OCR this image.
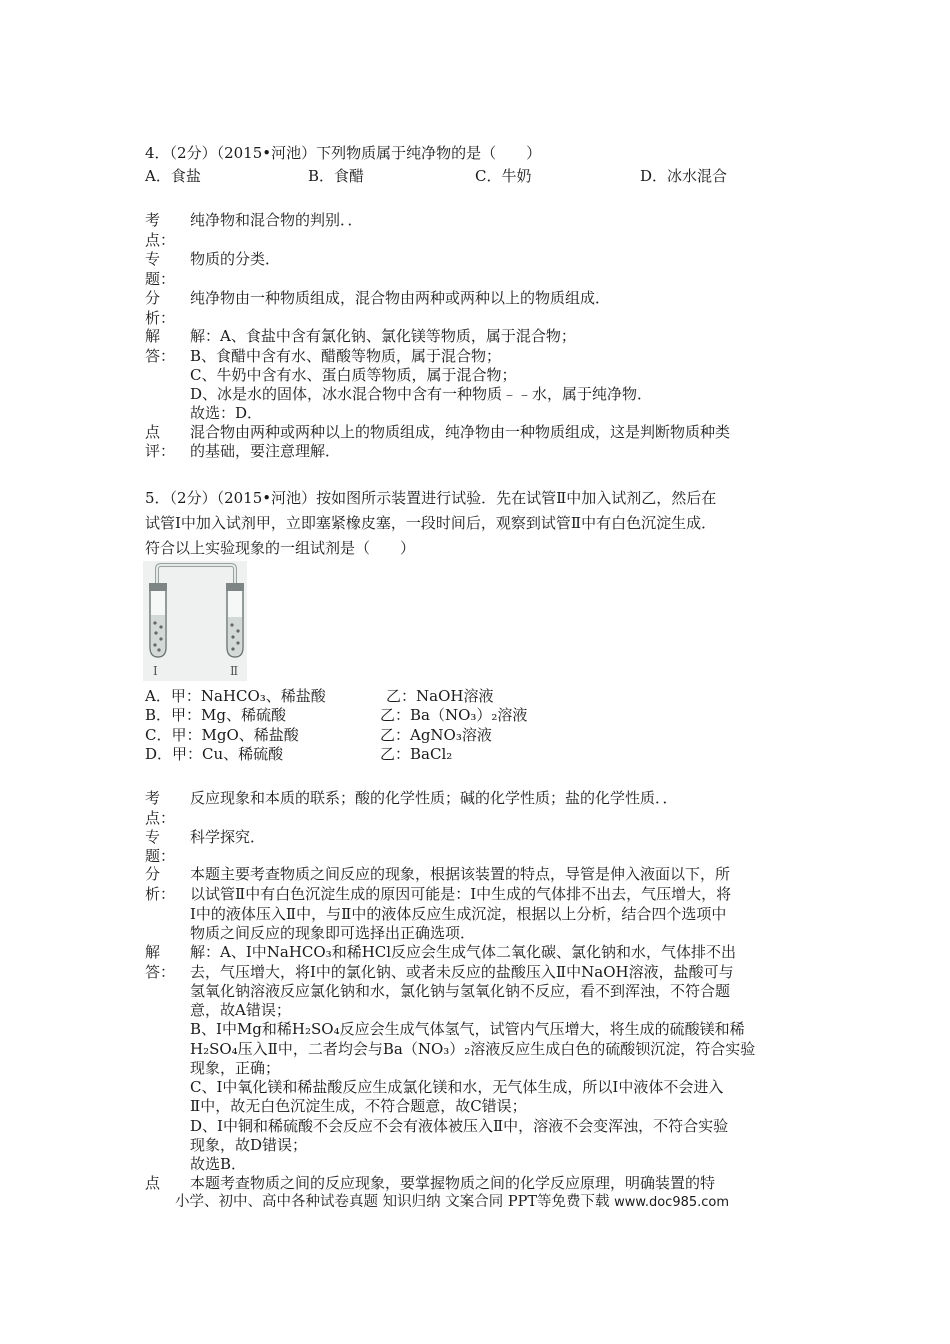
4．（2分）（2015•河池）下列物质属于纯净物的是（　　）
A．食盐	B．食醋	C．牛奶	D．冰水混合
考
点：
纯净物和混合物的判别．．
专
题：
物质的分类．
分
析：
纯净物由一种物质组成，混合物由两种或两种以上的物质组成．
解
答：
解：A、食盐中含有氯化钠、氯化镁等物质，属于混合物；
B、食醋中含有水、醋酸等物质，属于混合物；
C、牛奶中含有水、蛋白质等物质，属于混合物；
D、冰是水的固体，冰水混合物中含有一种物质﹣﹣水，属于纯净物．
故选：D．
点
评：
混合物由两种或两种以上的物质组成，纯净物由一种物质组成，这是判断物质种类
的基础，要注意理解．
5．（2分）（2015•河池）按如图所示装置进行试验．先在试管Ⅱ中加入试剂乙，然后在
试管Ⅰ中加入试剂甲，立即塞紧橡皮塞，一段时间后，观察到试管Ⅱ中有白色沉淀生成．
符合以上实验现象的一组试剂是（　　）
Ⅰ	Ⅱ
A．甲：NaHCO₃、稀盐酸	乙：NaOH溶液
B．甲：Mg、稀硫酸	乙：Ba（NO₃）₂溶液
C．甲：MgO、稀盐酸	乙：AgNO₃溶液
D．甲：Cu、稀硫酸	乙：BaCl₂
考
点：
反应现象和本质的联系；酸的化学性质；碱的化学性质；盐的化学性质．．
专
题：
科学探究．
分
析：
本题主要考查物质之间反应的现象，根据该装置的特点，导管是伸入液面以下，所
以试管Ⅱ中有白色沉淀生成的原因可能是：Ⅰ中生成的气体排不出去，气压增大，将
Ⅰ中的液体压入Ⅱ中，与Ⅱ中的液体反应生成沉淀，根据以上分析，结合四个选项中
物质之间反应的现象即可选择出正确选项．
解
答：
解：A、Ⅰ中NaHCO₃和稀HCl反应会生成气体二氧化碳、氯化钠和水，气体排不出
去，气压增大，将Ⅰ中的氯化钠、或者未反应的盐酸压入Ⅱ中NaOH溶液，盐酸可与
氢氧化钠溶液反应氯化钠和水，氯化钠与氢氧化钠不反应，看不到浑浊，不符合题
意，故A错误；
B、Ⅰ中Mg和稀H₂SO₄反应会生成气体氢气，试管内气压增大，将生成的硫酸镁和稀
H₂SO₄压入Ⅱ中，二者均会与Ba（NO₃）₂溶液反应生成白色的硫酸钡沉淀，符合实验
现象，正确；
C、Ⅰ中氧化镁和稀盐酸反应生成氯化镁和水，无气体生成，所以Ⅰ中液体不会进入
Ⅱ中，故无白色沉淀生成，不符合题意，故C错误；
D、Ⅰ中铜和稀硫酸不会反应不会有液体被压入Ⅱ中，溶液不会变浑浊，不符合实验
现象，故D错误；
故选B．
点	本题考查物质之间的反应现象，要掌握物质之间的化学反应原理，明确装置的特
小学、初中、高中各种试卷真题 知识归纳 文案合同 PPT等免费下载 www.doc985.com
